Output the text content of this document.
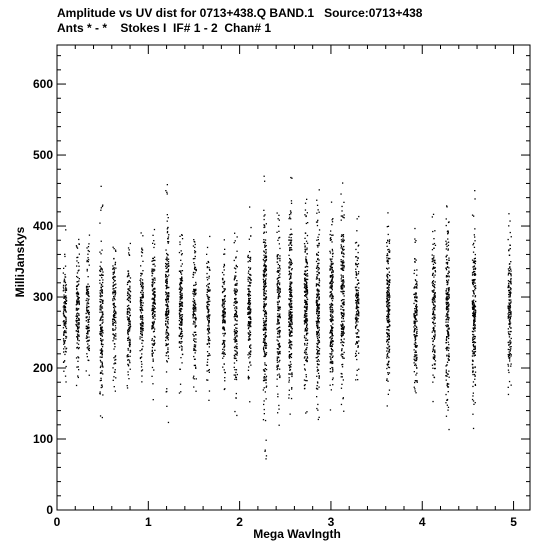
Amplitude vs UV dist for 0713+438.Q BAND.1   Source:0713+438
Ants * - *    Stokes I  IF# 1 - 2  Chan# 1
0	1	2	3	4	5
0
100
200
300
400
500
600
Mega Wavlngth
MilliJanskys
